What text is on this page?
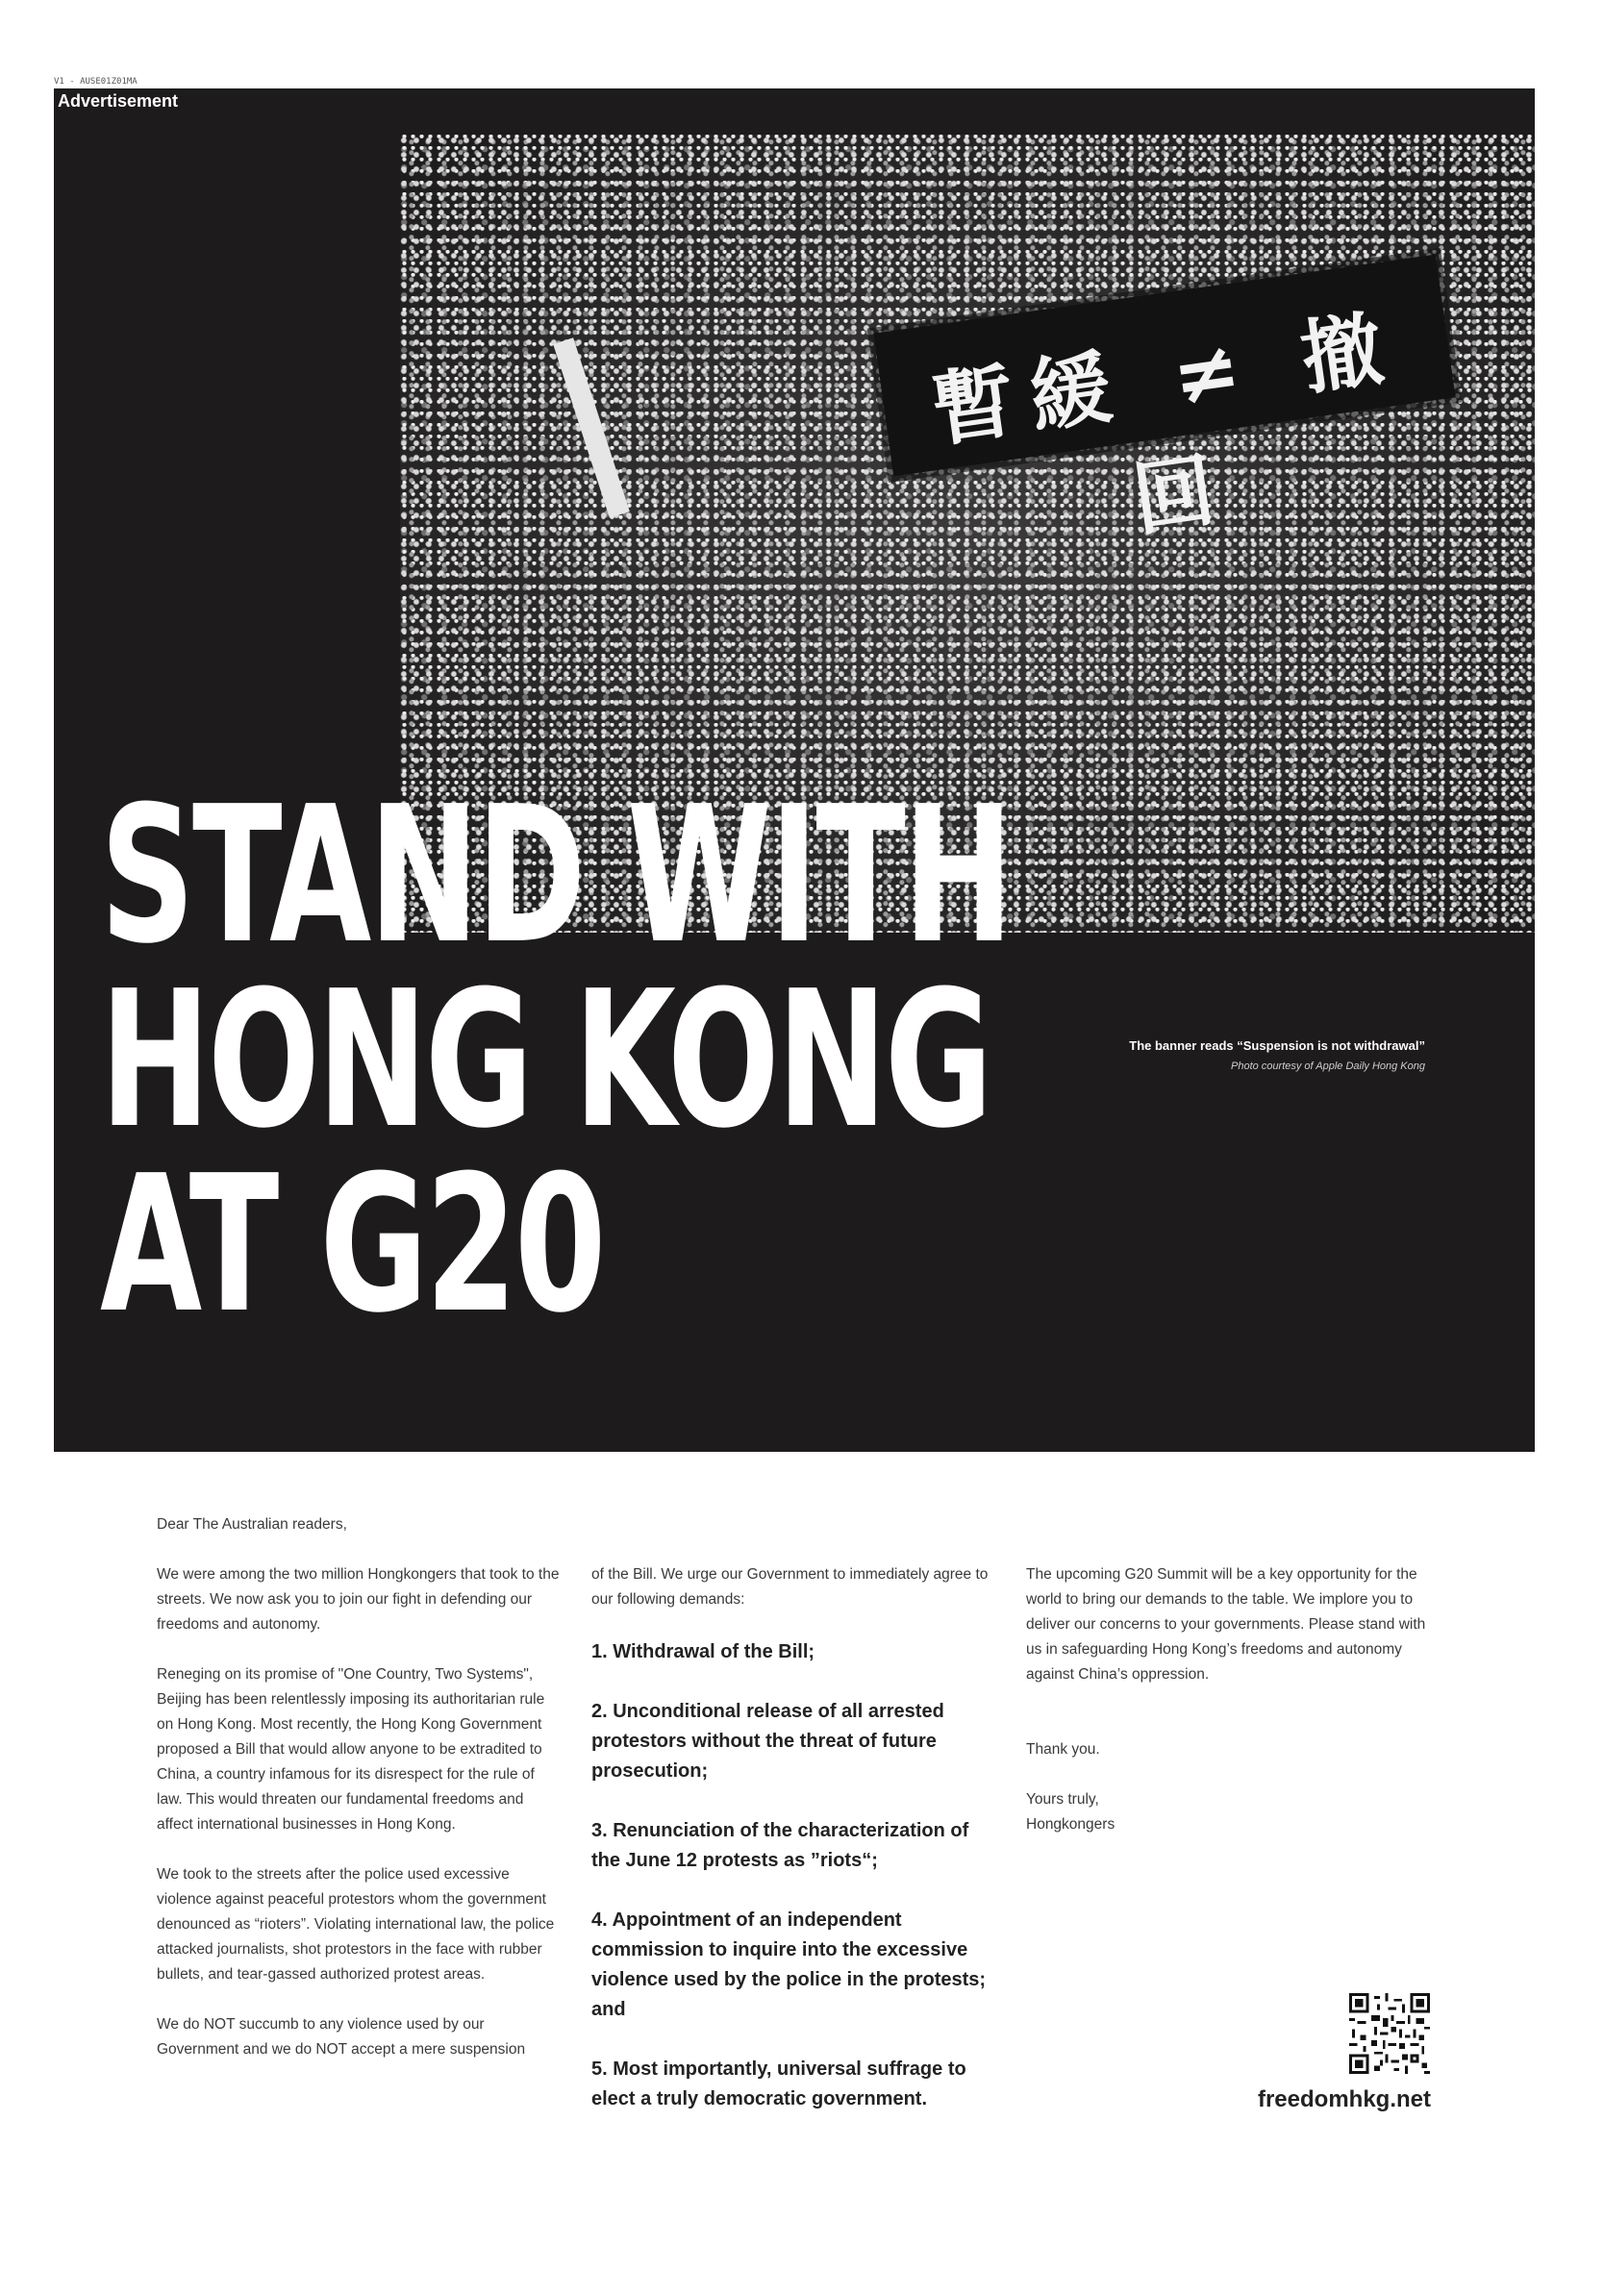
V1 - AUSE01Z01MA
Advertisement
暫緩 ≠ 撤回
The banner reads “Suspension is not withdrawal”
Photo courtesy of Apple Daily Hong Kong
STAND WITH
HONG KONG
AT G20
Dear The Australian readers,

We were among the two million Hongkongers that took to the streets. We now ask you to join our fight in defending our freedoms and autonomy.

Reneging on its promise of "One Country, Two Systems", Beijing has been relentlessly imposing its authoritarian rule on Hong Kong. Most recently, the Hong Kong Government proposed a Bill that would allow anyone to be extradited to China, a country infamous for its disrespect for the rule of law. This would threaten our fundamental freedoms and affect international businesses in Hong Kong.

We took to the streets after the police used excessive violence against peaceful protestors whom the government denounced as “rioters”. Violating international law, the police attacked journalists, shot protestors in the face with rubber bullets, and tear-gassed authorized protest areas.

We do NOT succumb to any violence used by our Government and we do NOT accept a mere suspension

of the Bill. We urge our Government to immediately agree to our following demands:

1. Withdrawal of the Bill;
2. Unconditional release of all arrested protestors without the threat of future prosecution;
3. Renunciation of the characterization of the June 12 protests as ”riots“;
4. Appointment of an independent commission to inquire into the excessive violence used by the police in the protests; and
5. Most importantly, universal suffrage to elect a truly democratic government.

The upcoming G20 Summit will be a key opportunity for the world to bring our demands to the table. We implore you to deliver our concerns to your governments. Please stand with us in safeguarding Hong Kong’s freedoms and autonomy against China’s oppression.

Thank you.

Yours truly,
Hongkongers
freedomhkg.net
